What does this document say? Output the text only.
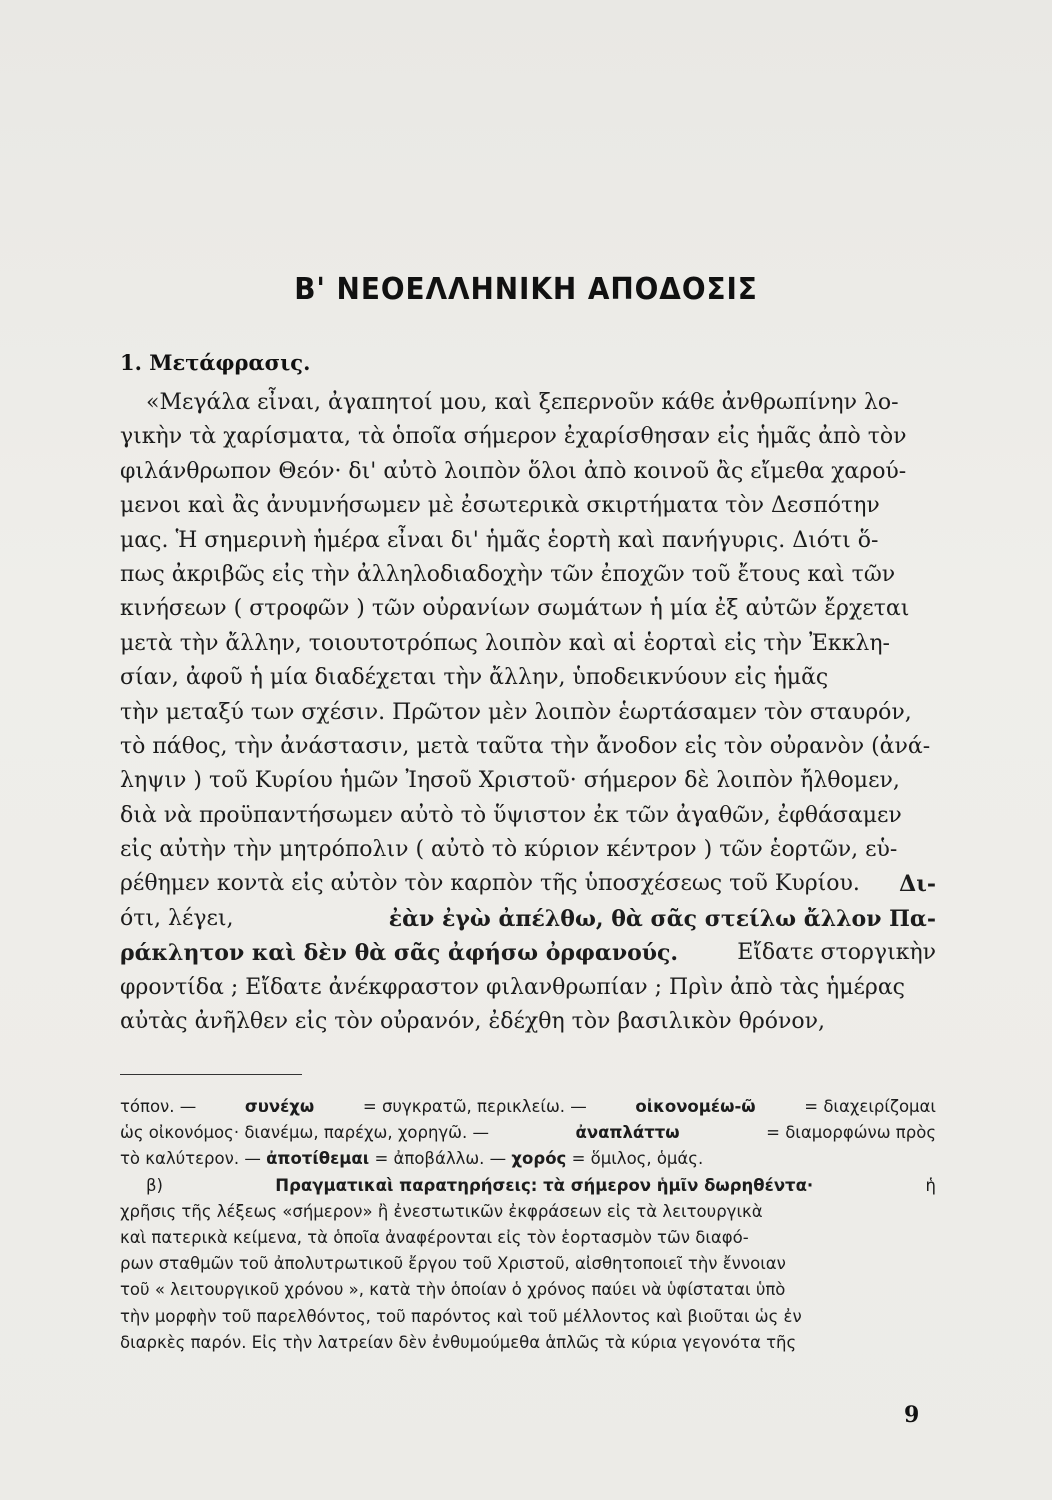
Β' ΝΕΟΕΛΛΗΝΙΚΗ ΑΠΟΔΟΣΙΣ
1. Μετάφρασις.
«Μεγάλα εἶναι, ἀγαπητοί μου, καὶ ξεπερνοῦν κάθε ἀνθρωπίνην λο-
γικὴν τὰ χαρίσματα, τὰ ὁποῖα σήμερον ἐχαρίσθησαν εἰς ἡμᾶς ἀπὸ τὸν
φιλάνθρωπον Θεόν· δι' αὐτὸ λοιπὸν ὅλοι ἀπὸ κοινοῦ ἂς εἴμεθα χαρού-
μενοι καὶ ἂς ἀνυμνήσωμεν μὲ ἐσωτερικὰ σκιρτήματα τὸν Δεσπότην
μας. Ἡ σημερινὴ ἡμέρα εἶναι δι' ἡμᾶς ἑορτὴ καὶ πανήγυρις. Διότι ὅ-
πως ἀκριβῶς εἰς τὴν ἀλληλοδιαδοχὴν τῶν ἐποχῶν τοῦ ἔτους καὶ τῶν
κινήσεων ( στροφῶν ) τῶν οὐρανίων σωμάτων ἡ μία ἐξ αὐτῶν ἔρχεται
μετὰ τὴν ἄλλην, τοιουτοτρόπως λοιπὸν καὶ αἱ ἑορταὶ εἰς τὴν Ἐκκλη-
σίαν, ἀφοῦ ἡ μία διαδέχεται τὴν ἄλλην, ὑποδεικνύουν εἰς ἡμᾶς
τὴν μεταξύ των σχέσιν. Πρῶτον μὲν λοιπὸν ἑωρτάσαμεν τὸν σταυρόν,
τὸ πάθος, τὴν ἀνάστασιν, μετὰ ταῦτα τὴν ἄνοδον εἰς τὸν οὐρανὸν (ἀνά-
ληψιν ) τοῦ Κυρίου ἡμῶν Ἰησοῦ Χριστοῦ· σήμερον δὲ λοιπὸν ἤλθομεν,
διὰ νὰ προϋπαντήσωμεν αὐτὸ τὸ ὕψιστον ἐκ τῶν ἀγαθῶν, ἐφθάσαμεν
εἰς αὐτὴν τὴν μητρόπολιν ( αὐτὸ τὸ κύριον κέντρον ) τῶν ἑορτῶν, εὑ-
ρέθημεν κοντὰ εἰς αὐτὸν τὸν καρπὸν τῆς ὑποσχέσεως τοῦ Κυρίου. Δι-
ότι, λέγει,	ἐὰν ἐγὼ ἀπέλθω, θὰ σᾶς στείλω ἄλλον Πα-
ράκλητον καὶ δὲν θὰ σᾶς ἀφήσω ὀρφανούς.	Εἴδατε στοργικὴν
φροντίδα ; Εἴδατε ἀνέκφραστον φιλανθρωπίαν ; Πρὶν ἀπὸ τὰς ἡμέρας
αὐτὰς ἀνῆλθεν εἰς τὸν οὐρανόν, ἐδέχθη τὸν βασιλικὸν θρόνον,
τόπον. —	συνέχω	= συγκρατῶ, περικλείω. —	οἰκονομέω-ῶ	= διαχειρίζομαι
ὡς οἰκονόμος· διανέμω, παρέχω, χορηγῶ. —	ἀναπλάττω	= διαμορφώνω πρὸς
τὸ καλύτερον. —
ἀποτίθεμαι
= ἀποβάλλω. —
χορός
= ὅμιλος, ὁμάς.
β)	Πραγματικαὶ παρατηρήσεις: τὰ σήμερον ἡμῖν δωρηθέντα·	ἡ
χρῆσις τῆς λέξεως «σήμερον» ἢ ἐνεστωτικῶν ἐκφράσεων εἰς τὰ λειτουργικὰ
καὶ πατερικὰ κείμενα, τὰ ὁποῖα ἀναφέρονται εἰς τὸν ἑορτασμὸν τῶν διαφό-
ρων σταθμῶν τοῦ ἀπολυτρωτικοῦ ἔργου τοῦ Χριστοῦ, αἰσθητοποιεῖ τὴν ἔννοιαν
τοῦ « λειτουργικοῦ χρόνου », κατὰ τὴν ὁποίαν ὁ χρόνος παύει νὰ ὑφίσταται ὑπὸ
τὴν μορφὴν τοῦ παρελθόντος, τοῦ παρόντος καὶ τοῦ μέλλοντος καὶ βιοῦται ὡς ἐν
διαρκὲς παρόν. Εἰς τὴν λατρείαν δὲν ἐνθυμούμεθα ἁπλῶς τὰ κύρια γεγονότα τῆς
9
